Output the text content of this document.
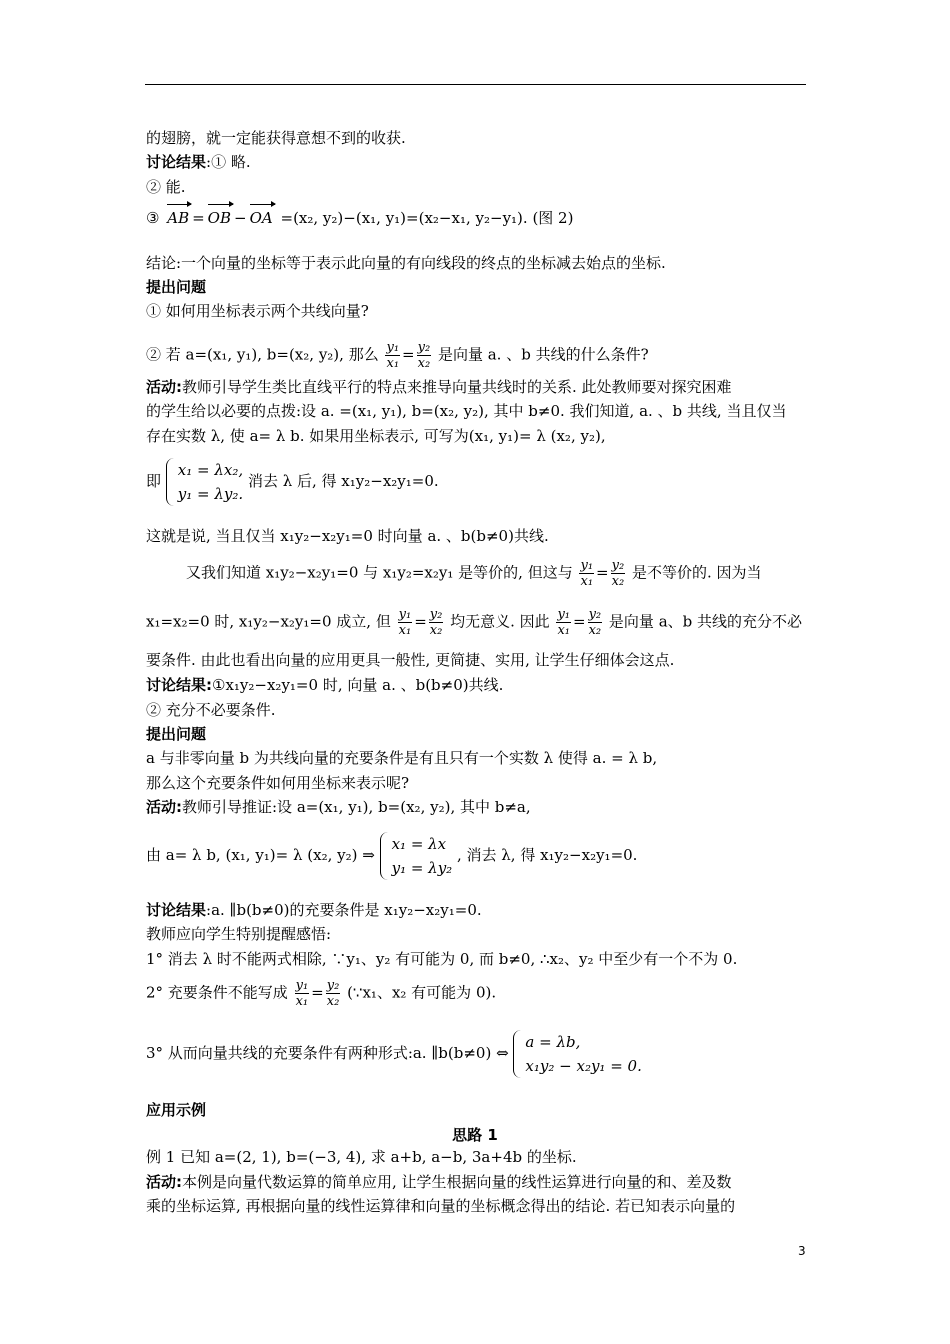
的翅膀，就一定能获得意想不到的收获.
讨论结果:① 略.
② 能.
③ AB = OB − OA =(x₂, y₂)−(x₁, y₁)=(x₂−x₁, y₂−y₁). (图 2)
结论:一个向量的坐标等于表示此向量的有向线段的终点的坐标减去始点的坐标.
提出问题
① 如何用坐标表示两个共线向量?
② 若 a=(x₁, y₁), b=(x₂, y₂), 那么 $\frac{\text{y₁}}{\text{x₁}} = \frac{\text{y₂}}{\text{x₂}}$ 是向量 a. 、b 共线的什么条件?
活动:教师引导学生类比直线平行的特点来推导向量共线时的关系. 此处教师要对探究困难
的学生给以必要的点拨:设 a. =(x₁, y₁), b=(x₂, y₂), 其中 b≠0. 我们知道, a. 、b 共线, 当且仅当
存在实数 λ, 使 a= λ b. 如果用坐标表示, 可写为(x₁, y₁)= λ (x₂, y₂),
即
x₁ = λx₂,
y₁ = λy₂.
消去 λ 后, 得 x₁y₂−x₂y₁=0.
这就是说, 当且仅当 x₁y₂−x₂y₁=0 时向量 a. 、b(b≠0)共线.
又我们知道 x₁y₂−x₂y₁=0 与 x₁y₂=x₂y₁ 是等价的, 但这与 $\frac{\text{y₁}}{\text{x₁}} = \frac{\text{y₂}}{\text{x₂}}$ 是不等价的. 因为当
x₁=x₂=0 时, x₁y₂−x₂y₁=0 成立, 但 $\frac{\text{y₁}}{\text{x₁}} = \frac{\text{y₂}}{\text{x₂}}$ 均无意义. 因此 $\frac{\text{y₁}}{\text{x₁}} = \frac{\text{y₂}}{\text{x₂}}$ 是向量 a、b 共线的充分不必
要条件. 由此也看出向量的应用更具一般性, 更简捷、实用, 让学生仔细体会这点.
讨论结果:①x₁y₂−x₂y₁=0 时, 向量 a. 、b(b≠0)共线.
② 充分不必要条件.
提出问题
a 与非零向量 b 为共线向量的充要条件是有且只有一个实数 λ 使得 a. = λ b,
那么这个充要条件如何用坐标来表示呢?
活动:教师引导推证:设 a=(x₁, y₁), b=(x₂, y₂), 其中 b≠a,
由 a= λ b, (x₁, y₁)= λ (x₂, y₂) ⇒
x₁ = λx
y₁ = λy₂
, 消去 λ, 得 x₁y₂−x₂y₁=0.
讨论结果:a. ∥b(b≠0)的充要条件是 x₁y₂−x₂y₁=0.
教师应向学生特别提醒感悟:
1° 消去 λ 时不能两式相除, ∵y₁、y₂ 有可能为 0, 而 b≠0, ∴x₂、y₂ 中至少有一个不为 0.
2° 充要条件不能写成 $\frac{\text{y₁}}{\text{x₁}} = \frac{\text{y₂}}{\text{x₂}}$ (∵x₁、x₂ 有可能为 0).
3° 从而向量共线的充要条件有两种形式:a. ∥b(b≠0) ⇔
a = λb,
x₁y₂ − x₂y₁ = 0.
应用示例
思路 1
例 1 已知 a=(2, 1), b=(−3, 4), 求 a+b, a−b, 3a+4b 的坐标.
活动:本例是向量代数运算的简单应用, 让学生根据向量的线性运算进行向量的和、差及数
乘的坐标运算, 再根据向量的线性运算律和向量的坐标概念得出的结论. 若已知表示向量的
3
